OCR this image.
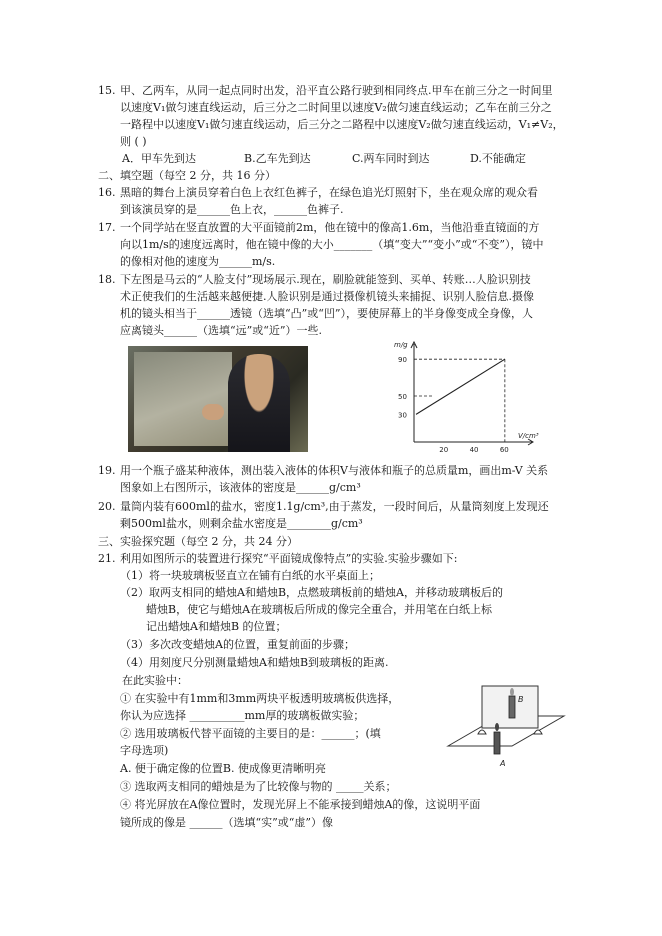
15. 甲、乙两车，从同一起点同时出发，沿平直公路行驶到相同终点.甲车在前三分之一时间里
以速度V₁做匀速直线运动，后三分之二时间里以速度V₂做匀速直线运动；乙车在前三分之
一路程中以速度V₁做匀速直线运动，后三分之二路程中以速度V₂做匀速直线运动，V₁≠V₂，
则 ( )
A．甲车先到达	B.乙车先到达	C.两车同时到达	D.不能确定
二、填空题（每空 2 分，共 16 分）
16. 黑暗的舞台上演员穿着白色上衣红色裤子，在绿色追光灯照射下，坐在观众席的观众看
到该演员穿的是______色上衣，______色裤子.
17. 一个同学站在竖直放置的大平面镜前2m，他在镜中的像高1.6m，当他沿垂直镜面的方
向以1m/s的速度远离时，他在镜中像的大小_______（填“变大”“变小”或“不变”），镜中
的像相对他的速度为______m/s.
18. 下左图是马云的“人脸支付”现场展示.现在，刷脸就能签到、买单、转账…人脸识别技
术正使我们的生活越来越便捷.人脸识别是通过摄像机镜头来捕捉、识别人脸信息.摄像
机的镜头相当于______透镜（选填“凸”或“凹”），要使屏幕上的半身像变成全身像，人
应离镜头______（选填“远”或“近”）一些.
m/g
V/cm³
30
50
90
20	40	60
19. 用一个瓶子盛某种液体，测出装入液体的体积V与液体和瓶子的总质量m，画出m-V 关系
图象如上右图所示，该液体的密度是______g/cm³
20. 量筒内装有600ml的盐水，密度1.1g/cm³,由于蒸发，一段时间后，从量筒刻度上发现还
剩500ml盐水，则剩余盐水密度是________g/cm³
三、实验探究题（每空 2 分，共 24 分）
21. 利用如图所示的装置进行探究“平面镜成像特点”的实验.实验步骤如下:
（1）将一块玻璃板竖直立在铺有白纸的水平桌面上；
（2）取两支相同的蜡烛A和蜡烛B，点燃玻璃板前的蜡烛A，并移动玻璃板后的
蜡烛B，使它与蜡烛A在玻璃板后所成的像完全重合，并用笔在白纸上标
记出蜡烛A和蜡烛B 的位置；
（3）多次改变蜡烛A的位置，重复前面的步骤；
（4）用刻度尺分别测量蜡烛A和蜡烛B到玻璃板的距离.
在此实验中：
① 在实验中有1mm和3mm两块平板透明玻璃板供选择，
你认为应选择 __________mm厚的玻璃板做实验；
② 选用玻璃板代替平面镜的主要目的是：______；(填
字母选项)
A. 便于确定像的位置B. 使成像更清晰明亮
③ 选取两支相同的蜡烛是为了比较像与物的 _____关系；
④ 将光屏放在A像位置时，发现光屏上不能承接到蜡烛A的像，这说明平面
镜所成的像是 ______（选填“实”或“虚”）像
B
A
